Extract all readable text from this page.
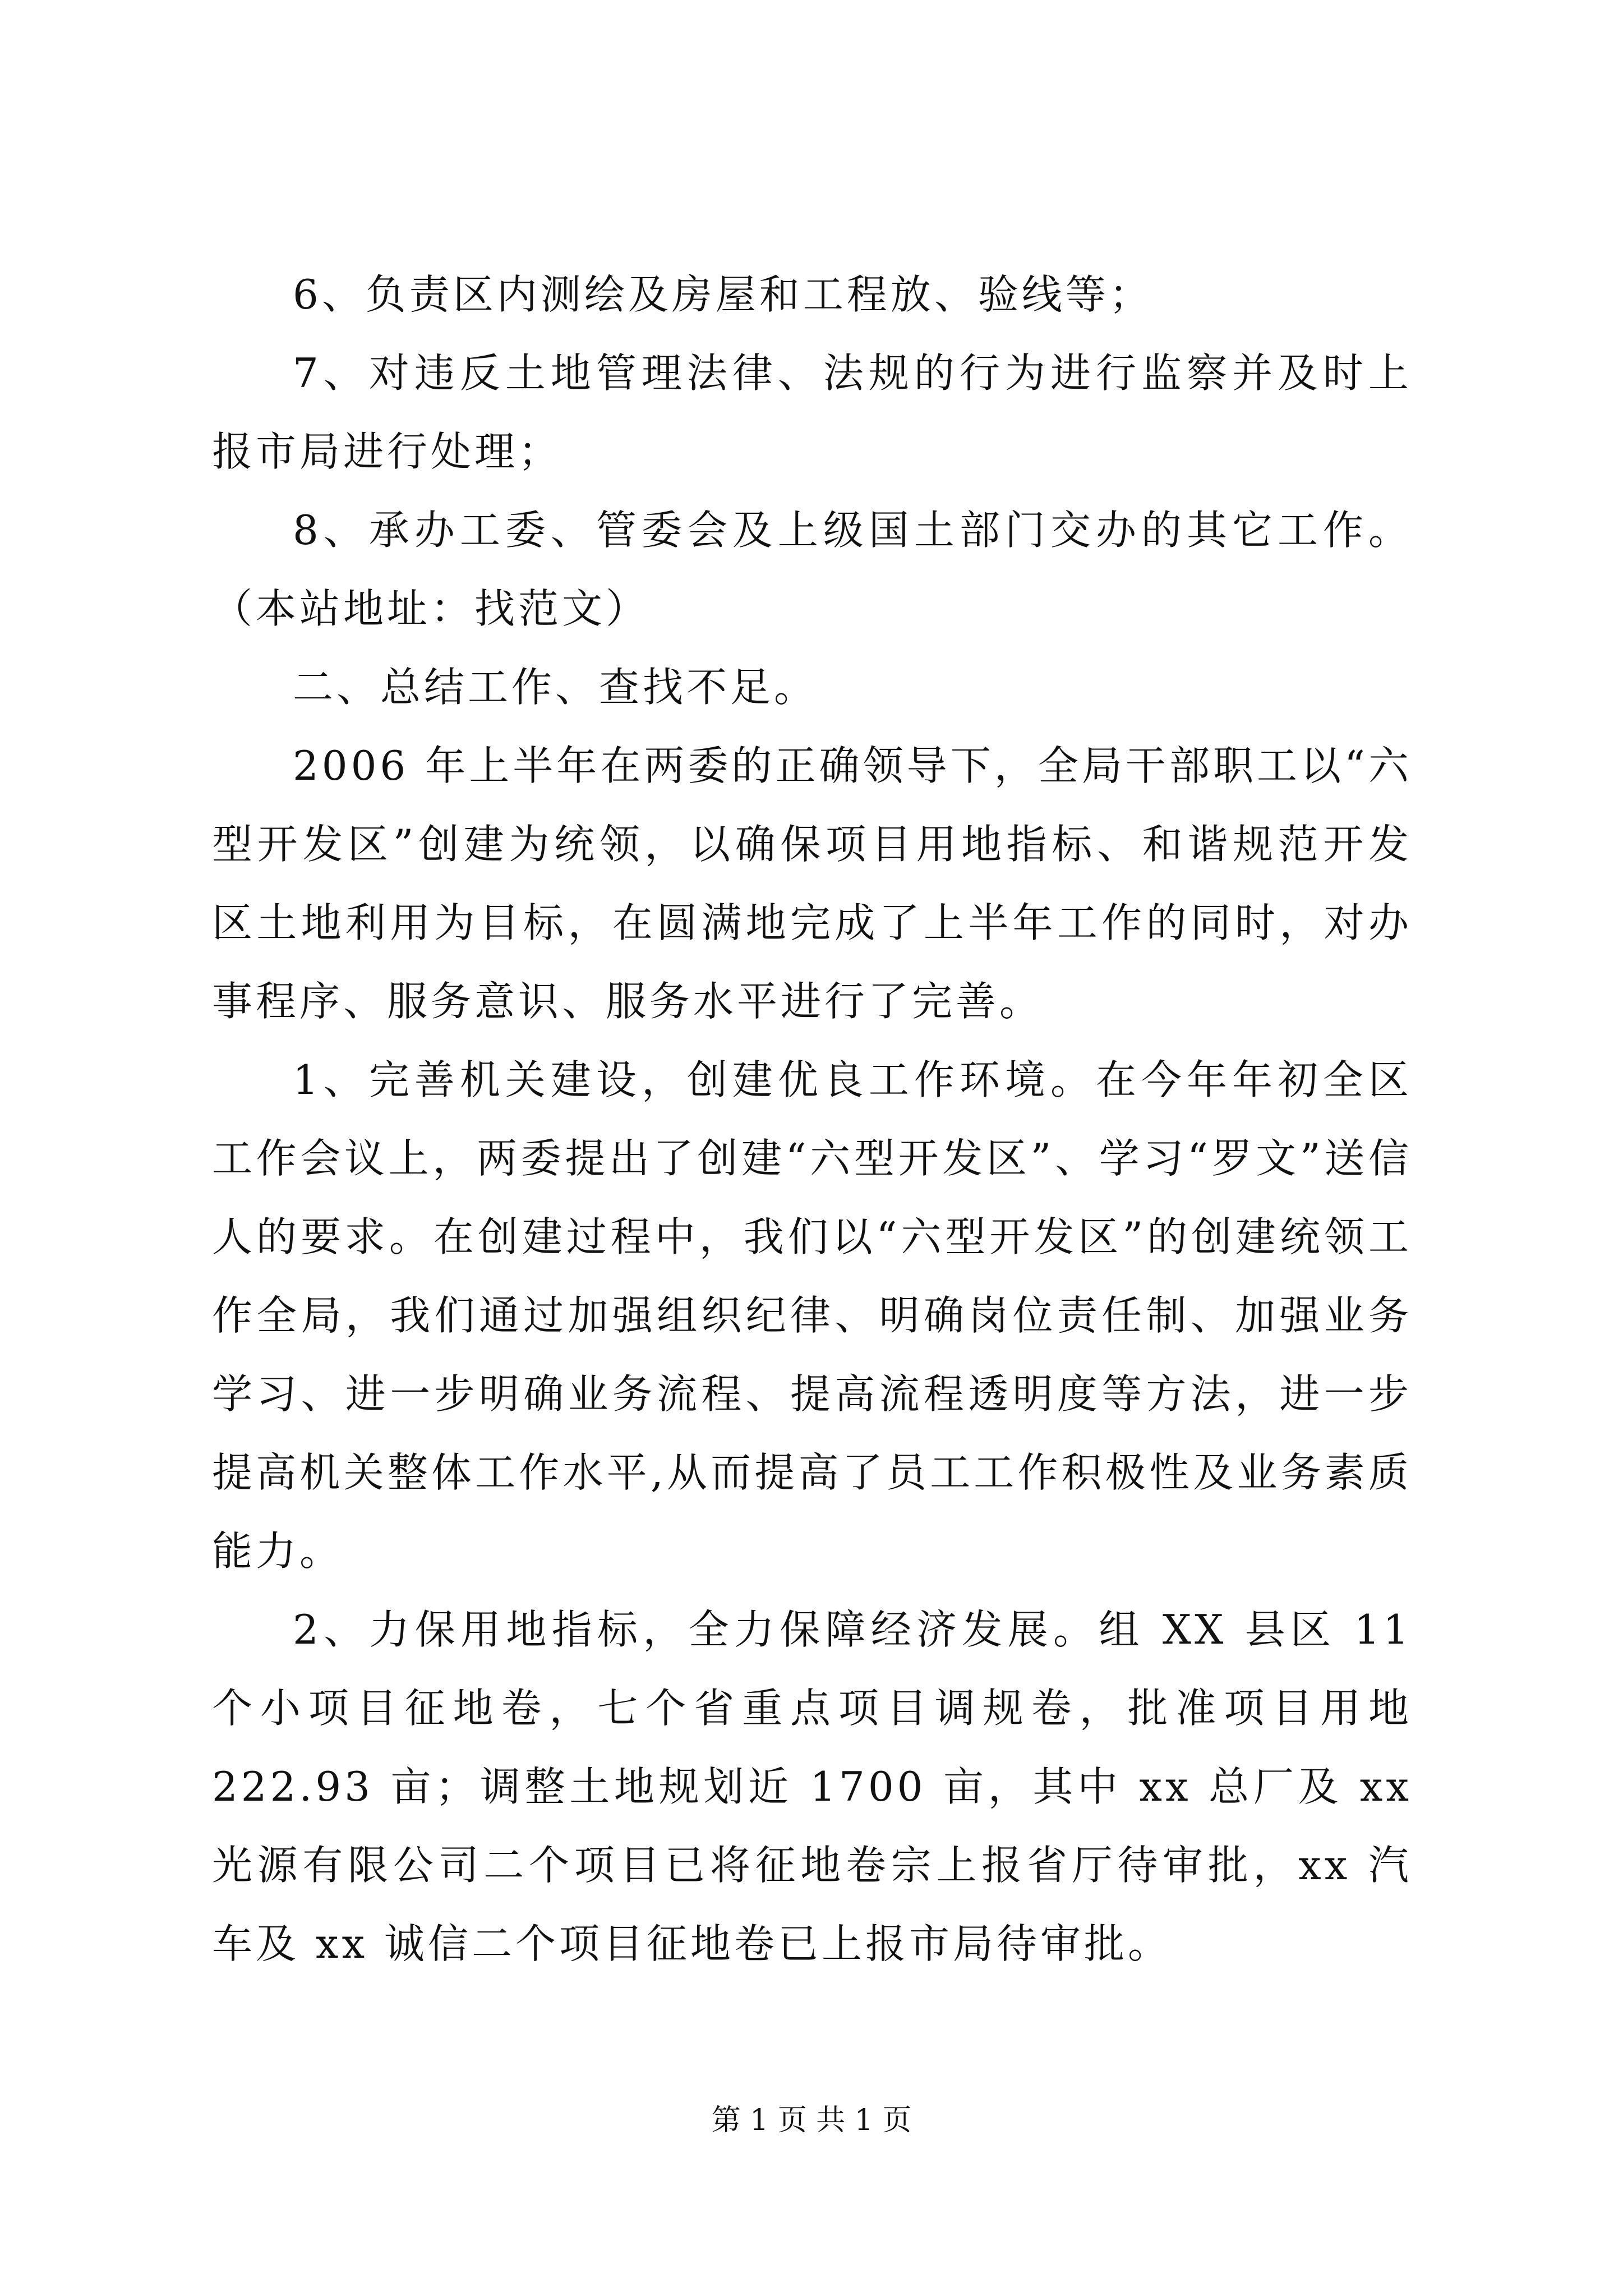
6、负责区内测绘及房屋和工程放、验线等；

7、对违反土地管理法律、法规的行为进行监察并及时上报市局进行处理；

8、承办工委、管委会及上级国土部门交办的其它工作。（本站地址：找范文）

二、总结工作、查找不足。

2006 年上半年在两委的正确领导下，全局干部职工以“六型开发区”创建为统领，以确保项目用地指标、和谐规范开发区土地利用为目标，在圆满地完成了上半年工作的同时，对办事程序、服务意识、服务水平进行了完善。

1、完善机关建设，创建优良工作环境。在今年年初全区工作会议上，两委提出了创建“六型开发区”、学习“罗文”送信人的要求。在创建过程中，我们以“六型开发区”的创建统领工作全局，我们通过加强组织纪律、明确岗位责任制、加强业务学习、进一步明确业务流程、提高流程透明度等方法，进一步提高机关整体工作水平,从而提高了员工工作积极性及业务素质能力。

2、力保用地指标，全力保障经济发展。组 XX 县区 11 个小项目征地卷，七个省重点项目调规卷，批准项目用地 222.93 亩；调整土地规划近 1700 亩，其中 xx 总厂及 xx 光源有限公司二个项目已将征地卷宗上报省厅待审批，xx 汽车及 xx 诚信二个项目征地卷已上报市局待审批。

第 1 页 共 1 页
